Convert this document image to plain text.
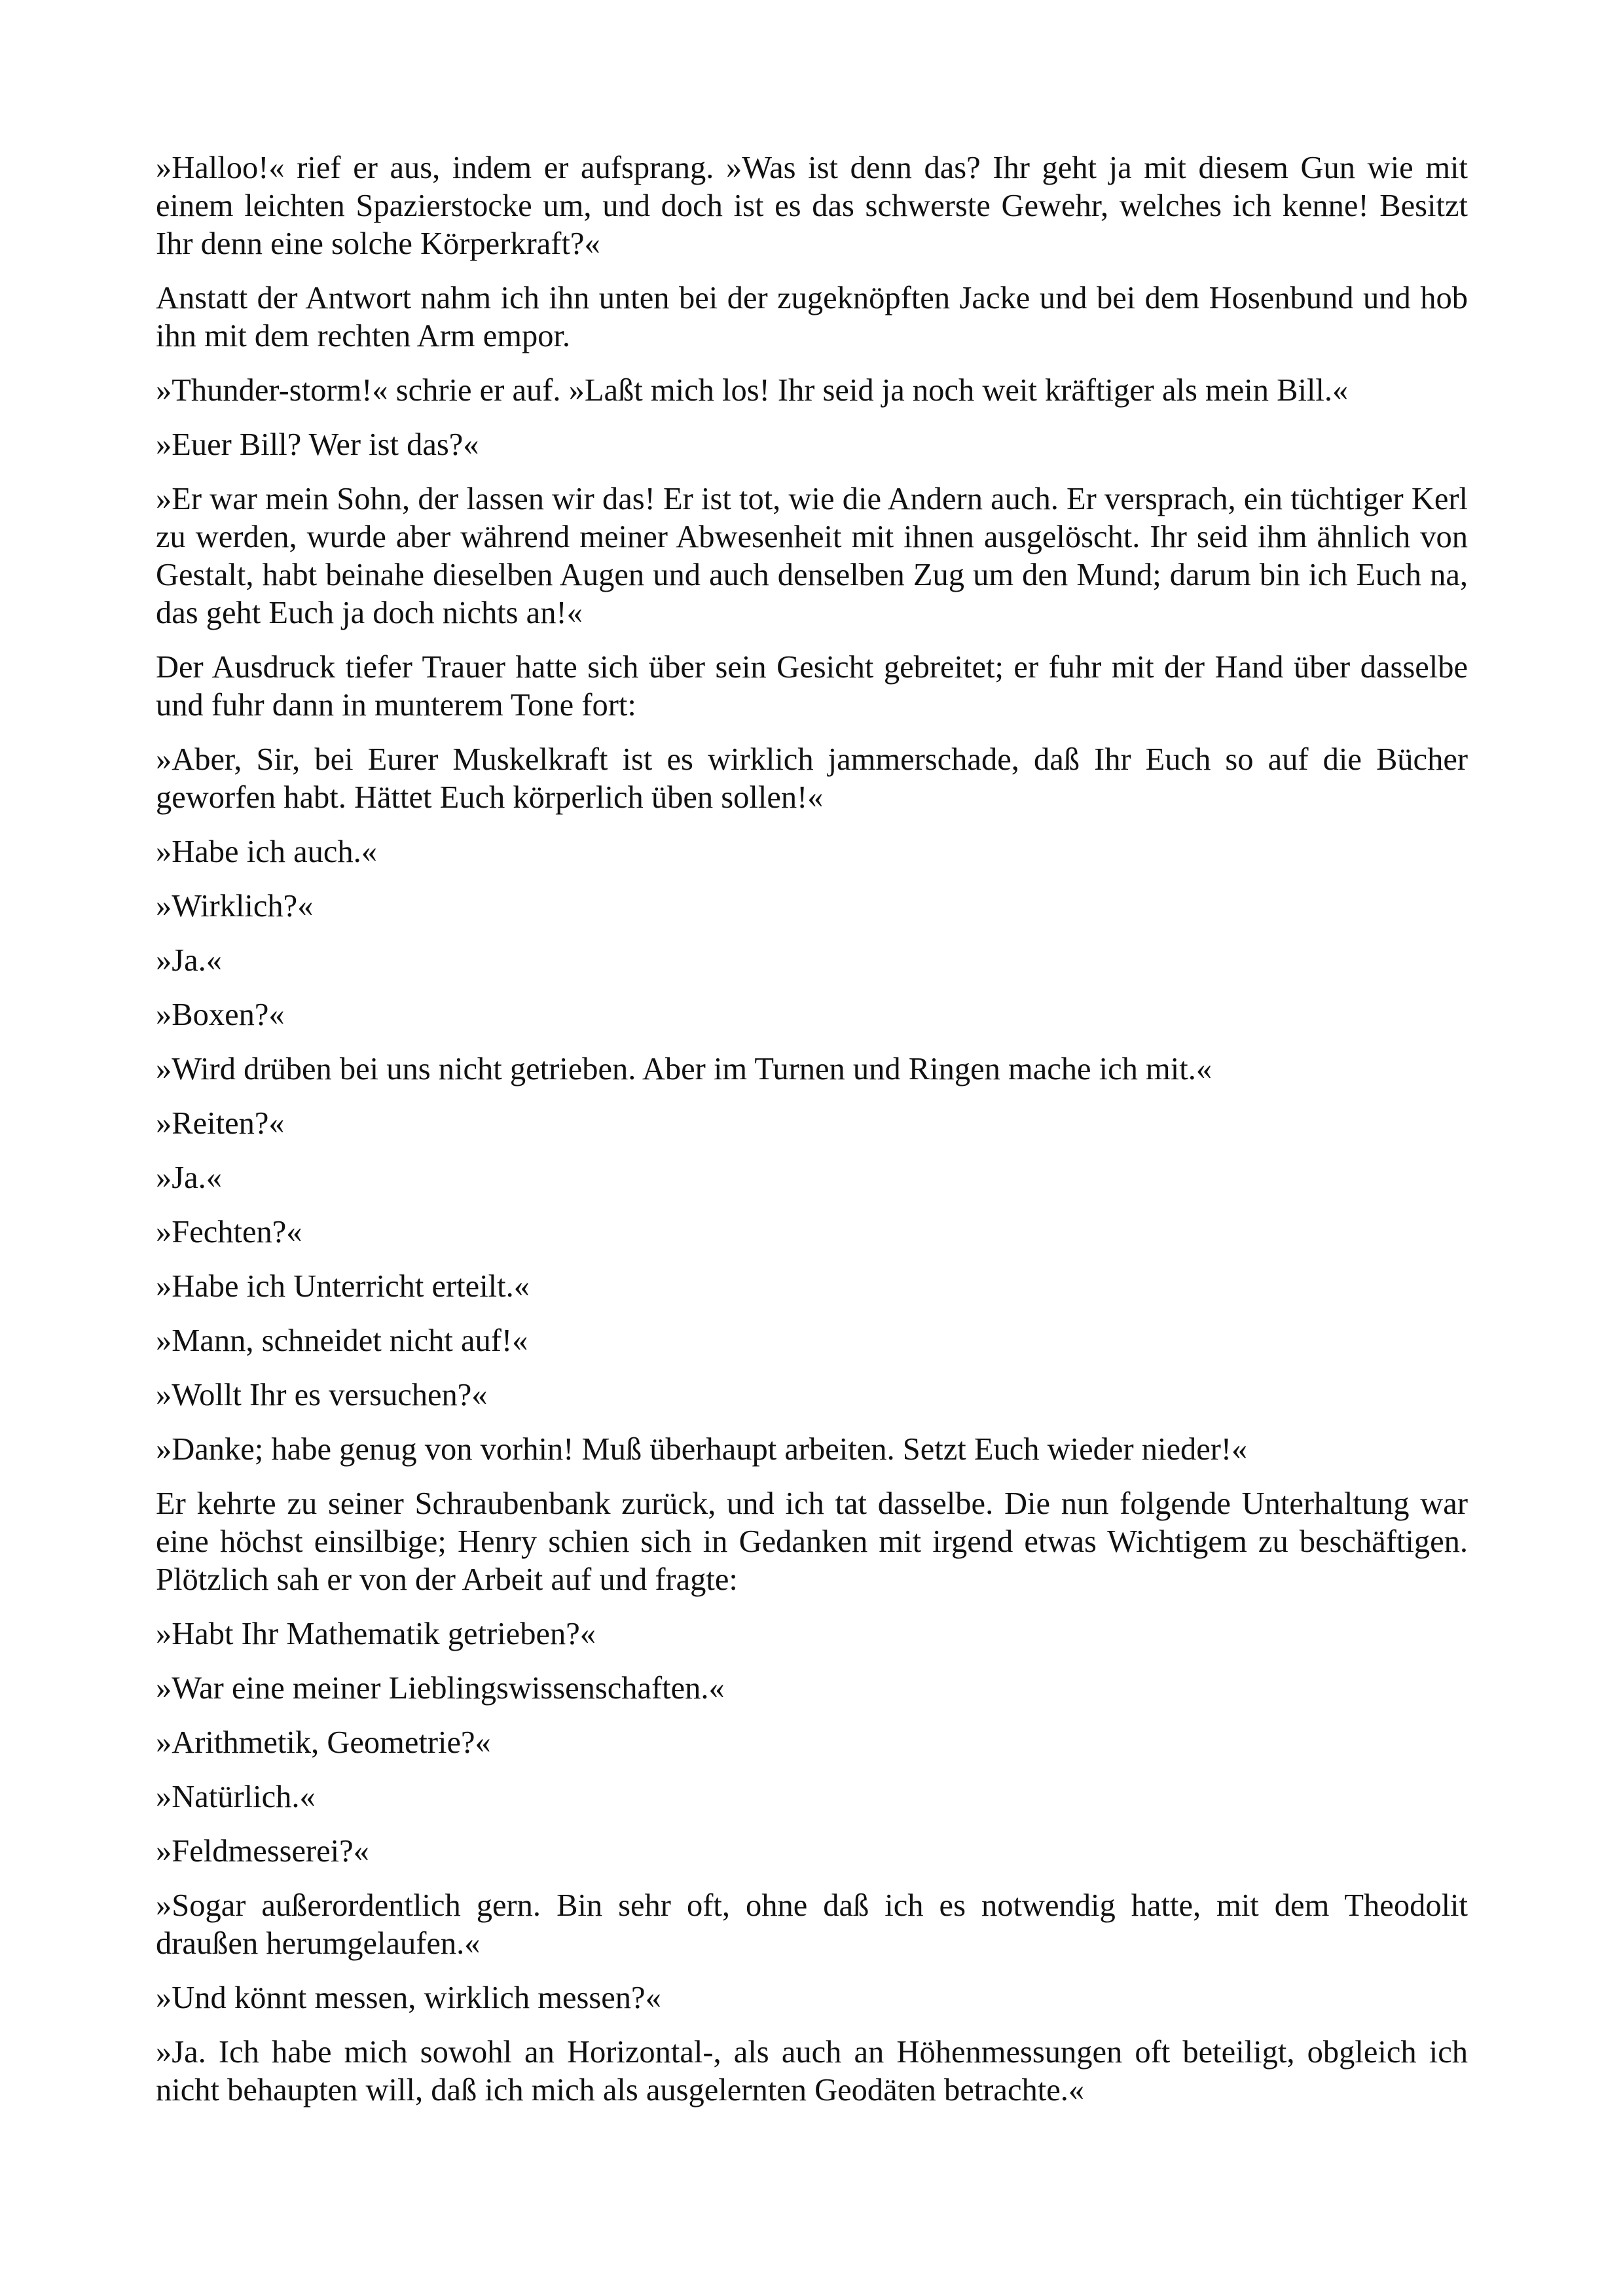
»Halloo!« rief er aus, indem er aufsprang. »Was ist denn das? Ihr geht ja mit diesem Gun wie mit einem leichten Spazierstocke um, und doch ist es das schwerste Gewehr, welches ich kenne! Besitzt Ihr denn eine solche Körperkraft?«

Anstatt der Antwort nahm ich ihn unten bei der zugeknöpften Jacke und bei dem Hosenbund und hob ihn mit dem rechten Arm empor.

»Thunder-storm!« schrie er auf. »Laßt mich los! Ihr seid ja noch weit kräftiger als mein Bill.«

»Euer Bill? Wer ist das?«

»Er war mein Sohn, der lassen wir das! Er ist tot, wie die Andern auch. Er versprach, ein tüchtiger Kerl zu werden, wurde aber während meiner Abwesenheit mit ihnen ausgelöscht. Ihr seid ihm ähnlich von Gestalt, habt beinahe dieselben Augen und auch denselben Zug um den Mund; darum bin ich Euch na, das geht Euch ja doch nichts an!«

Der Ausdruck tiefer Trauer hatte sich über sein Gesicht gebreitet; er fuhr mit der Hand über dasselbe und fuhr dann in munterem Tone fort:

»Aber, Sir, bei Eurer Muskelkraft ist es wirklich jammerschade, daß Ihr Euch so auf die Bücher geworfen habt. Hättet Euch körperlich üben sollen!«

»Habe ich auch.«

»Wirklich?«

»Ja.«

»Boxen?«

»Wird drüben bei uns nicht getrieben. Aber im Turnen und Ringen mache ich mit.«

»Reiten?«

»Ja.«

»Fechten?«

»Habe ich Unterricht erteilt.«

»Mann, schneidet nicht auf!«

»Wollt Ihr es versuchen?«

»Danke; habe genug von vorhin! Muß überhaupt arbeiten. Setzt Euch wieder nieder!«

Er kehrte zu seiner Schraubenbank zurück, und ich tat dasselbe. Die nun folgende Unterhaltung war eine höchst einsilbige; Henry schien sich in Gedanken mit irgend etwas Wichtigem zu beschäftigen. Plötzlich sah er von der Arbeit auf und fragte:

»Habt Ihr Mathematik getrieben?«

»War eine meiner Lieblingswissenschaften.«

»Arithmetik, Geometrie?«

»Natürlich.«

»Feldmesserei?«

»Sogar außerordentlich gern. Bin sehr oft, ohne daß ich es notwendig hatte, mit dem Theodolit draußen herumgelaufen.«

»Und könnt messen, wirklich messen?«

»Ja. Ich habe mich sowohl an Horizontal-, als auch an Höhenmessungen oft beteiligt, obgleich ich nicht behaupten will, daß ich mich als ausgelernten Geodäten betrachte.«
